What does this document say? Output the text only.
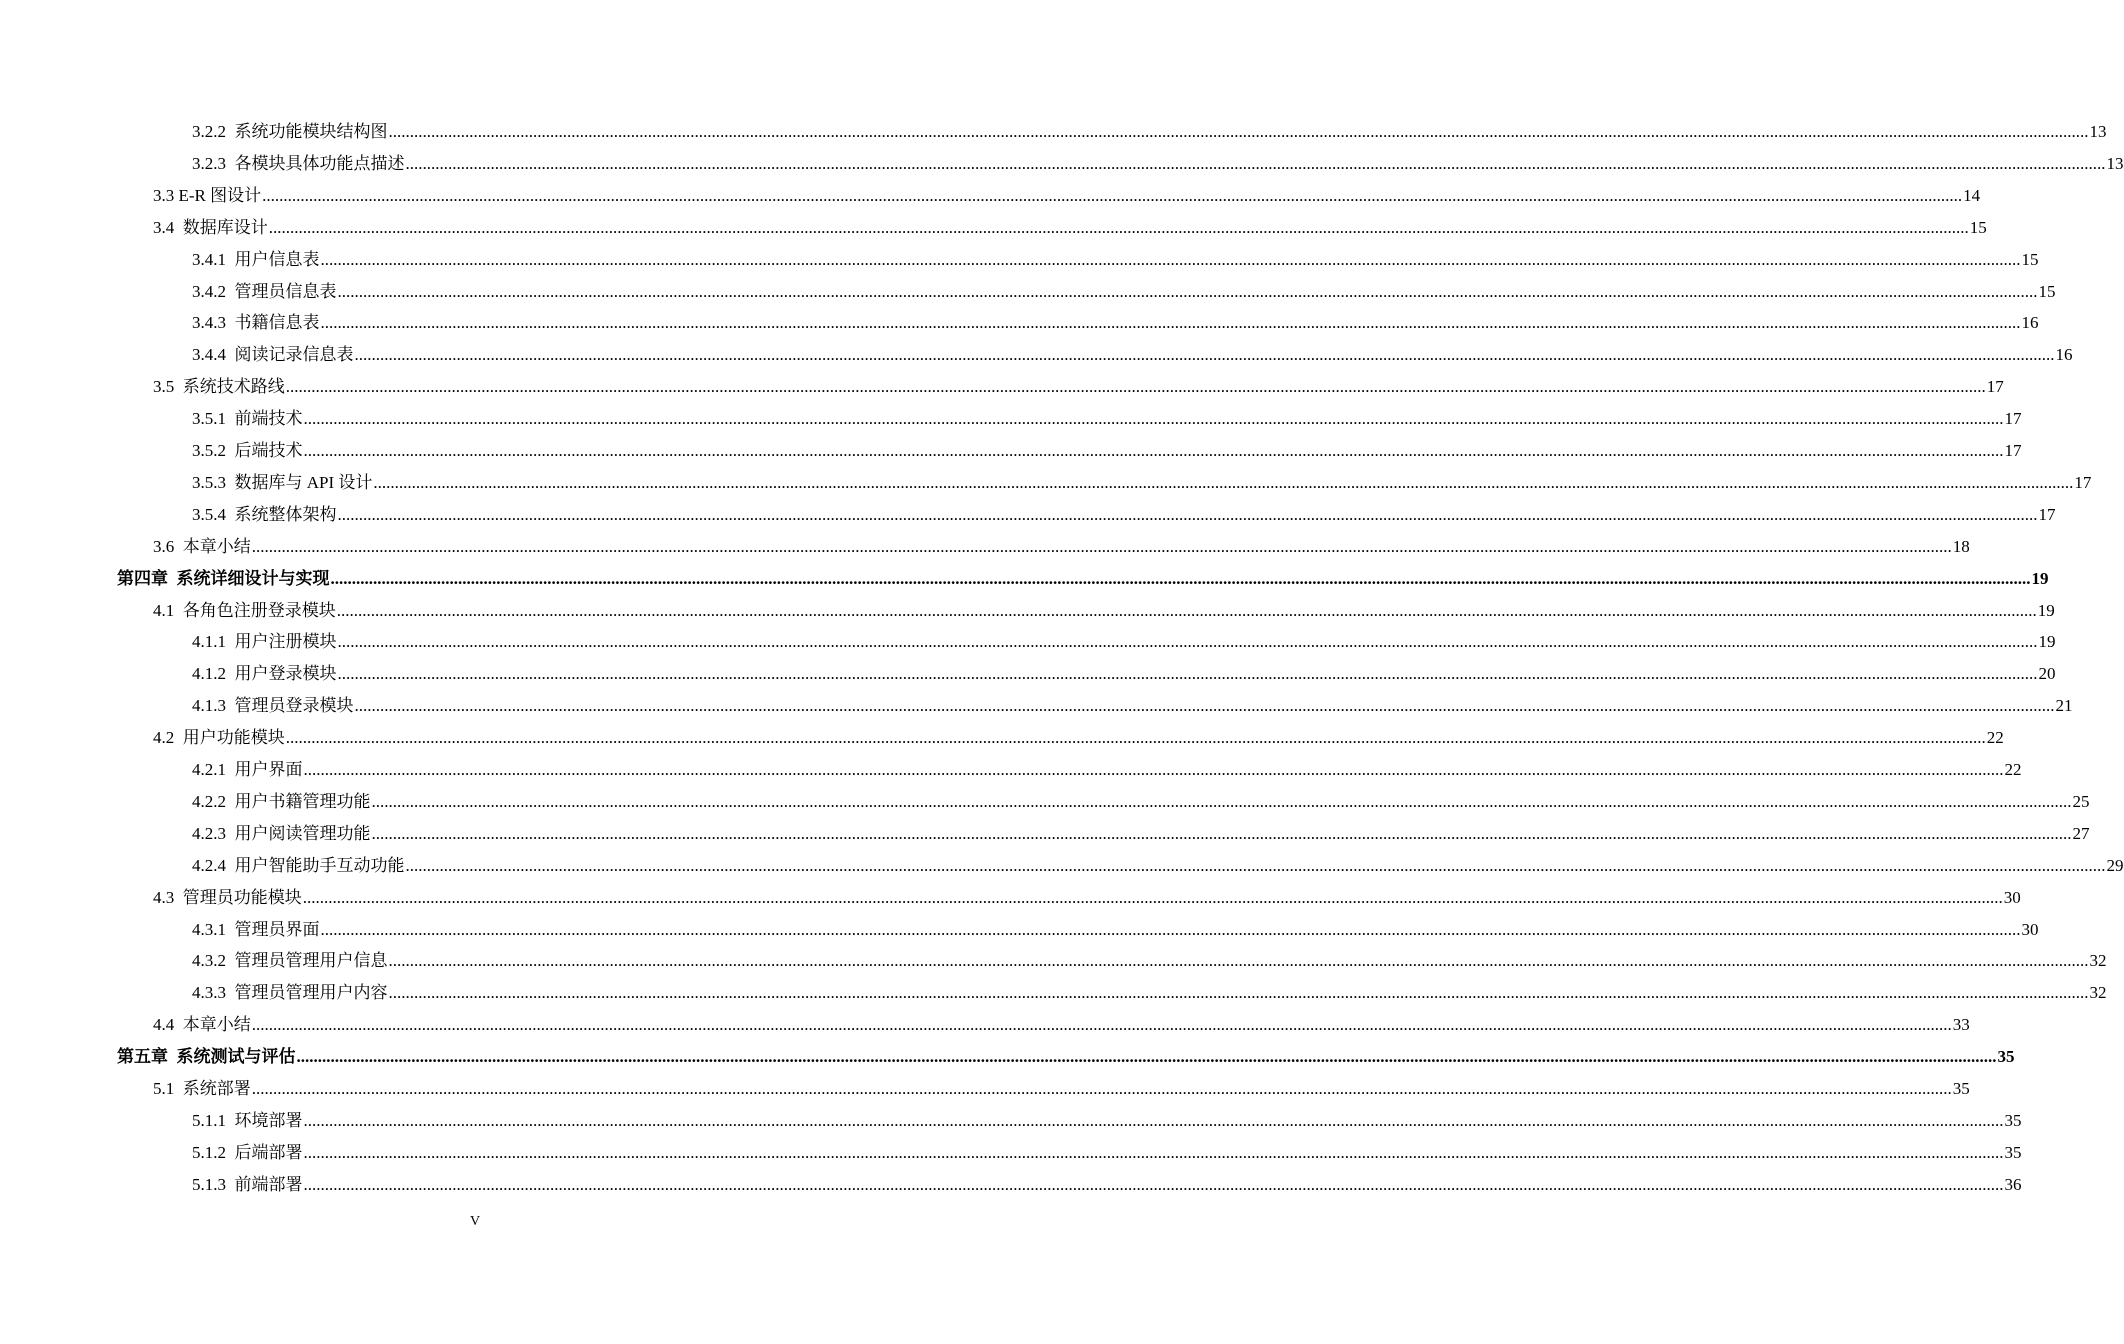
3.2.2 系统功能模块结构图 ................................................................................................................................................................................................................................................................................................................................................................................................................ 13
3.2.3 各模块具体功能点描述 ................................................................................................................................................................................................................................................................................................................................................................................................................ 13
3.3 E-R 图设计 ................................................................................................................................................................................................................................................................................................................................................................................................................ 14
3.4 数据库设计 ................................................................................................................................................................................................................................................................................................................................................................................................................ 15
3.4.1 用户信息表 ................................................................................................................................................................................................................................................................................................................................................................................................................ 15
3.4.2 管理员信息表 ................................................................................................................................................................................................................................................................................................................................................................................................................ 15
3.4.3 书籍信息表 ................................................................................................................................................................................................................................................................................................................................................................................................................ 16
3.4.4 阅读记录信息表 ................................................................................................................................................................................................................................................................................................................................................................................................................ 16
3.5 系统技术路线 ................................................................................................................................................................................................................................................................................................................................................................................................................ 17
3.5.1 前端技术 ................................................................................................................................................................................................................................................................................................................................................................................................................ 17
3.5.2 后端技术 ................................................................................................................................................................................................................................................................................................................................................................................................................ 17
3.5.3 数据库与 API 设计 ................................................................................................................................................................................................................................................................................................................................................................................................................ 17
3.5.4 系统整体架构 ................................................................................................................................................................................................................................................................................................................................................................................................................ 17
3.6 本章小结 ................................................................................................................................................................................................................................................................................................................................................................................................................ 18
第四章 系统详细设计与实现 ................................................................................................................................................................................................................................................................................................................................................................................................................ 19
4.1 各角色注册登录模块 ................................................................................................................................................................................................................................................................................................................................................................................................................ 19
4.1.1 用户注册模块 ................................................................................................................................................................................................................................................................................................................................................................................................................ 19
4.1.2 用户登录模块 ................................................................................................................................................................................................................................................................................................................................................................................................................ 20
4.1.3 管理员登录模块 ................................................................................................................................................................................................................................................................................................................................................................................................................ 21
4.2 用户功能模块 ................................................................................................................................................................................................................................................................................................................................................................................................................ 22
4.2.1 用户界面 ................................................................................................................................................................................................................................................................................................................................................................................................................ 22
4.2.2 用户书籍管理功能 ................................................................................................................................................................................................................................................................................................................................................................................................................ 25
4.2.3 用户阅读管理功能 ................................................................................................................................................................................................................................................................................................................................................................................................................ 27
4.2.4 用户智能助手互动功能 ................................................................................................................................................................................................................................................................................................................................................................................................................ 29
4.3 管理员功能模块 ................................................................................................................................................................................................................................................................................................................................................................................................................ 30
4.3.1 管理员界面 ................................................................................................................................................................................................................................................................................................................................................................................................................ 30
4.3.2 管理员管理用户信息 ................................................................................................................................................................................................................................................................................................................................................................................................................ 32
4.3.3 管理员管理用户内容 ................................................................................................................................................................................................................................................................................................................................................................................................................ 32
4.4 本章小结 ................................................................................................................................................................................................................................................................................................................................................................................................................ 33
第五章 系统测试与评估 ................................................................................................................................................................................................................................................................................................................................................................................................................ 35
5.1 系统部署 ................................................................................................................................................................................................................................................................................................................................................................................................................ 35
5.1.1 环境部署 ................................................................................................................................................................................................................................................................................................................................................................................................................ 35
5.1.2 后端部署 ................................................................................................................................................................................................................................................................................................................................................................................................................ 35
5.1.3 前端部署 ................................................................................................................................................................................................................................................................................................................................................................................................................ 36
V
